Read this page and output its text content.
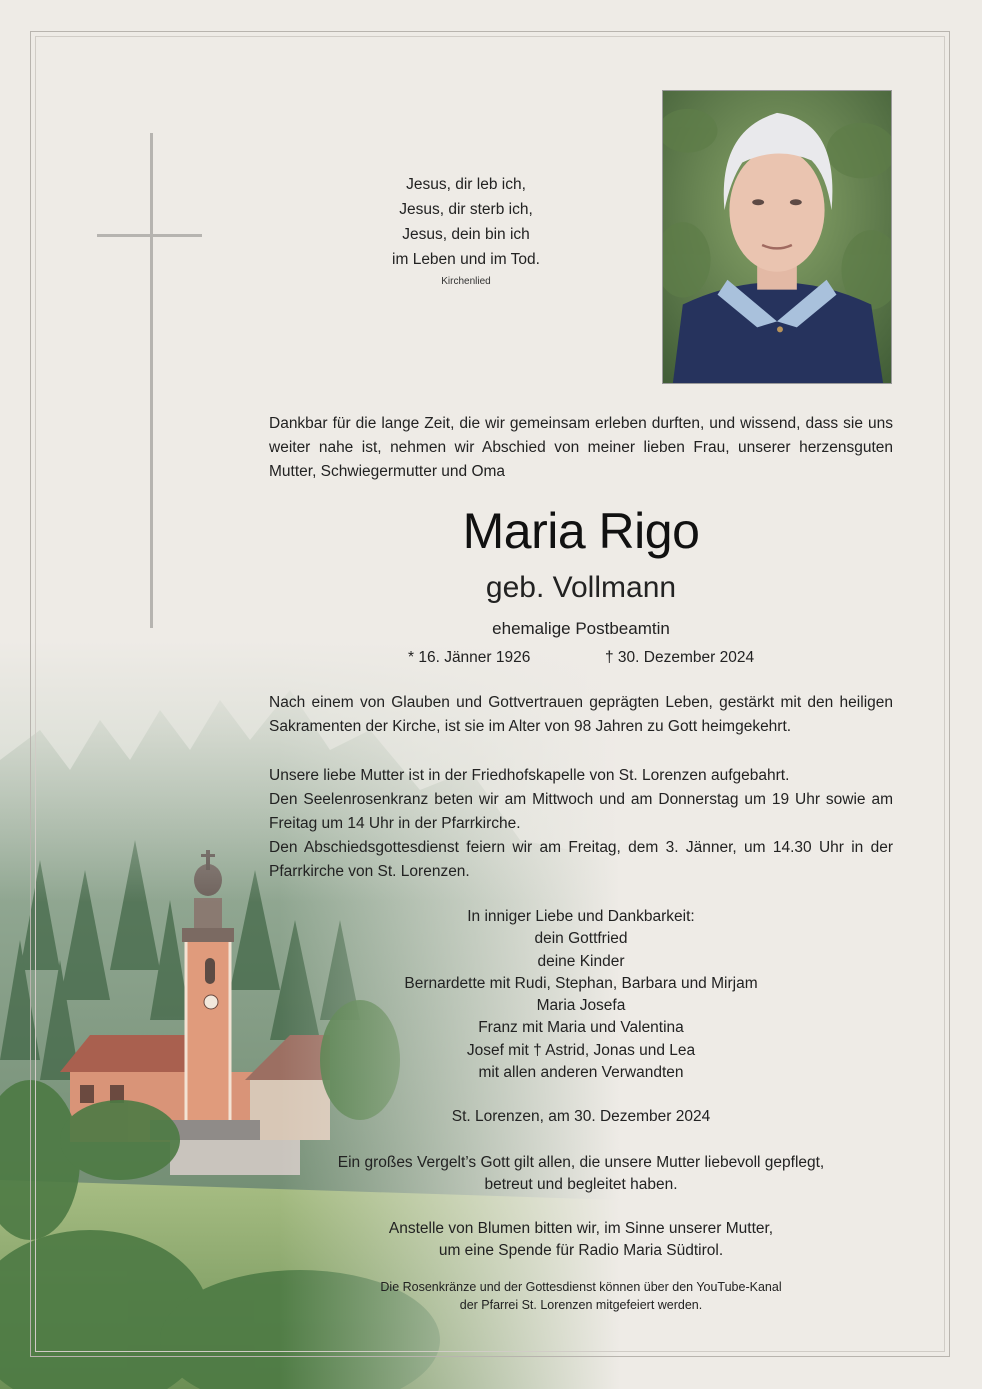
Jesus, dir leb ich,
Jesus, dir sterb ich,
Jesus, dein bin ich
im Leben und im Tod.
Kirchenlied
Dankbar für die lange Zeit, die wir gemeinsam erleben durften, und wissend, dass sie uns weiter nahe ist, nehmen wir Abschied von meiner lieben Frau, unserer herzensguten Mutter, Schwiegermutter und Oma
Maria Rigo
geb. Vollmann
ehemalige Postbeamtin
* 16. Jänner 1926	† 30. Dezember 2024
Nach einem von Glauben und Gottvertrauen geprägten Leben, gestärkt mit den heiligen Sakramenten der Kirche, ist sie im Alter von 98 Jahren zu Gott heimgekehrt.
Unsere liebe Mutter ist in der Friedhofskapelle von St. Lorenzen aufgebahrt.
Den Seelenrosenkranz beten wir am Mittwoch und am Donnerstag um 19 Uhr sowie am Freitag um 14 Uhr in der Pfarrkirche.
Den Abschiedsgottesdienst feiern wir am Freitag, dem 3. Jänner, um 14.30 Uhr in der Pfarrkirche von St. Lorenzen.
In inniger Liebe und Dankbarkeit:
dein Gottfried
deine Kinder
Bernardette mit Rudi, Stephan, Barbara und Mirjam
Maria Josefa
Franz mit Maria und Valentina
Josef mit † Astrid, Jonas und Lea
mit allen anderen Verwandten
St. Lorenzen, am 30. Dezember 2024
Ein großes Vergelt’s Gott gilt allen, die unsere Mutter liebevoll gepflegt,
betreut und begleitet haben.
Anstelle von Blumen bitten wir, im Sinne unserer Mutter,
um eine Spende für Radio Maria Südtirol.
Die Rosenkränze und der Gottesdienst können über den YouTube-Kanal
der Pfarrei St. Lorenzen mitgefeiert werden.
